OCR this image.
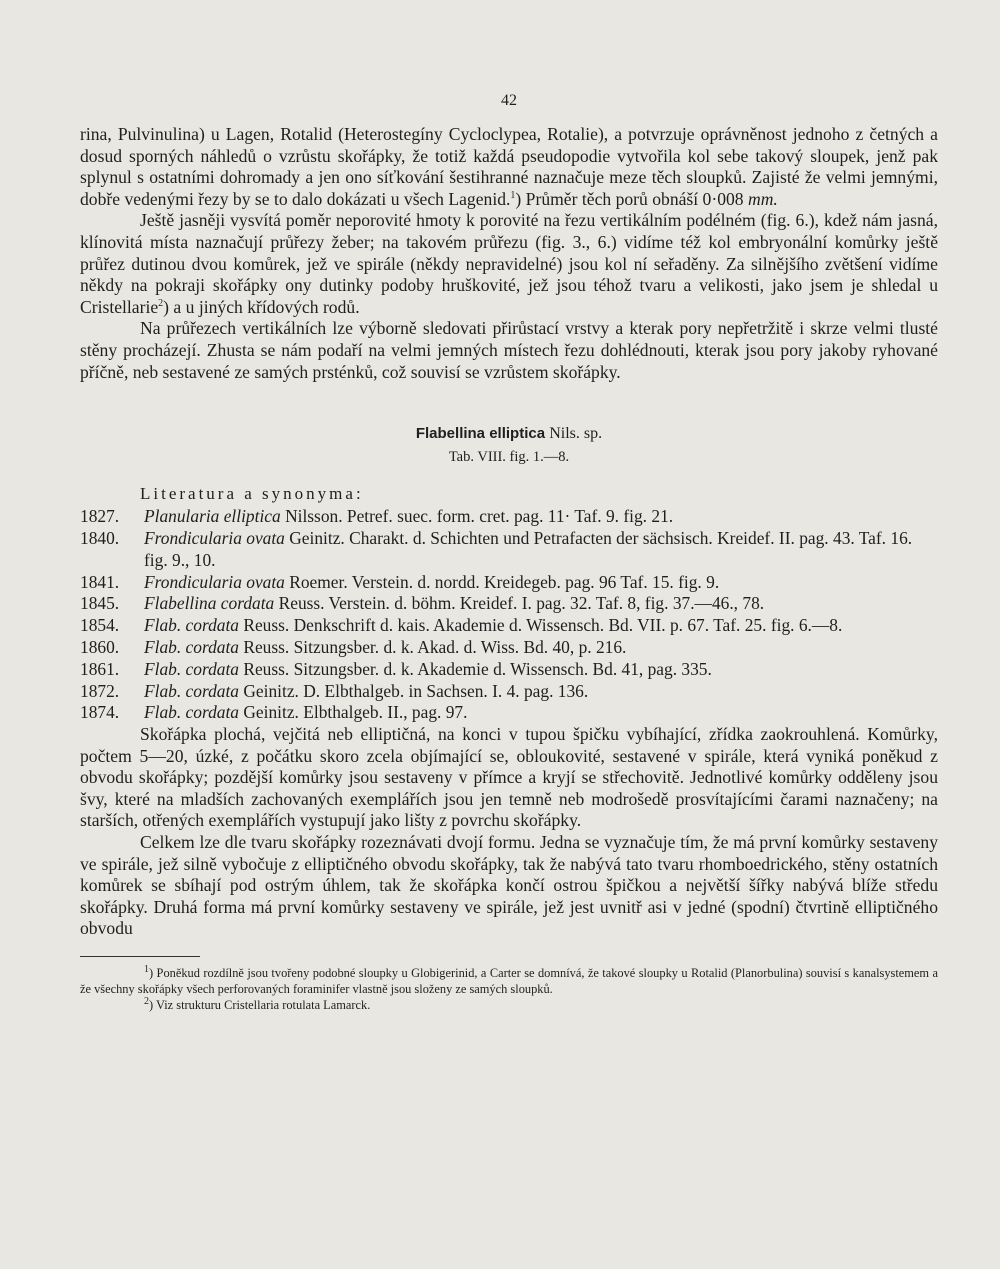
42

rina, Pulvinulina) u Lagen, Rotalid (Heterostegíny Cycloclypea, Rotalie), a potvrzuje oprávněnost jednoho z četných a dosud sporných náhledů o vzrůstu skořápky, že totiž každá pseudopodie vytvořila kol sebe takový sloupek, jenž pak splynul s ostatními dohromady a jen ono síťkování šestihranné naznačuje meze těch sloupků. Zajisté že velmi jemnými, dobře vedenými řezy by se to dalo dokázati u všech Lagenid.$^1$) Průměr těch porů obnáší 0·008 mm.

Ještě jasněji vysvítá poměr neporovité hmoty k porovité na řezu vertikálním podélném (fig. 6.), kdež nám jasná, klínovitá místa naznačují průřezy žeber; na takovém průřezu (fig. 3., 6.) vidíme též kol embryonální komůrky ještě průřez dutinou dvou komůrek, jež ve spirále (někdy nepravidelné) jsou kol ní seřaděny. Za silnějšího zvětšení vidíme někdy na pokraji skořápky ony dutinky podoby hruškovité, jež jsou téhož tvaru a velikosti, jako jsem je shledal u Cristellarie$^2$) a u jiných křídových rodů.

Na průřezech vertikálních lze výborně sledovati přirůstací vrstvy a kterak pory nepřetržitě i skrze velmi tlusté stěny procházejí. Zhusta se nám podaří na velmi jemných místech řezu dohlédnouti, kterak jsou pory jakoby ryhované příčně, neb sestavené ze samých prsténků, což souvisí se vzrůstem skořápky.

Flabellina elliptica Nils. sp.
Tab. VIII. fig. 1.—8.
Literatura a synonyma:
1827.	Planularia elliptica Nilsson. Petref. suec. form. cret. pag. 11· Taf. 9. fig. 21.
1840.	Frondicularia ovata Geinitz. Charakt. d. Schichten und Petrafacten der sächsisch. Kreidef. II. pag. 43. Taf. 16. fig. 9., 10.
1841.	Frondicularia ovata Roemer. Verstein. d. nordd. Kreidegeb. pag. 96 Taf. 15. fig. 9.
1845.	Flabellina cordata Reuss. Verstein. d. böhm. Kreidef. I. pag. 32. Taf. 8, fig. 37.—46., 78.
1854.	Flab. cordata Reuss. Denkschrift d. kais. Akademie d. Wissensch. Bd. VII. p. 67. Taf. 25. fig. 6.—8.
1860.	Flab. cordata Reuss. Sitzungsber. d. k. Akad. d. Wiss. Bd. 40, p. 216.
1861.	Flab. cordata Reuss. Sitzungsber. d. k. Akademie d. Wissensch. Bd. 41, pag. 335.
1872.	Flab. cordata Geinitz. D. Elbthalgeb. in Sachsen. I. 4. pag. 136.
1874.	Flab. cordata Geinitz. Elbthalgeb. II., pag. 97.

Skořápka plochá, vejčitá neb elliptičná, na konci v tupou špičku vybíhající, zřídka zaokrouhlená. Komůrky, počtem 5—20, úzké, z počátku skoro zcela objímající se, obloukovité, sestavené v spirále, která vyniká poněkud z obvodu skořápky; pozdější komůrky jsou sestaveny v přímce a kryjí se střechovitě. Jednotlivé komůrky odděleny jsou švy, které na mladších zachovaných exemplářích jsou jen temně neb modrošedě prosvítajícími čarami naznačeny; na starších, otřených exemplářích vystupují jako lišty z povrchu skořápky.

Celkem lze dle tvaru skořápky rozeznávati dvojí formu. Jedna se vyznačuje tím, že má první komůrky sestaveny ve spirále, jež silně vybočuje z elliptičného obvodu skořápky, tak že nabývá tato tvaru rhomboedrického, stěny ostatních komůrek se sbíhají pod ostrým úhlem, tak že skořápka končí ostrou špičkou a největší šířky nabývá blíže středu skořápky. Druhá forma má první komůrky sestaveny ve spirále, jež jest uvnitř asi v jedné (spodní) čtvrtině elliptičného obvodu

$^1$) Poněkud rozdílně jsou tvořeny podobné sloupky u Globigerinid, a Carter se domnívá, že takové sloupky u Rotalid (Planorbulina) souvisí s kanalsystemem a že všechny skořápky všech perforovaných foraminifer vlastně jsou složeny ze samých sloupků.

$^2$) Viz strukturu Cristellaria rotulata Lamarck.
